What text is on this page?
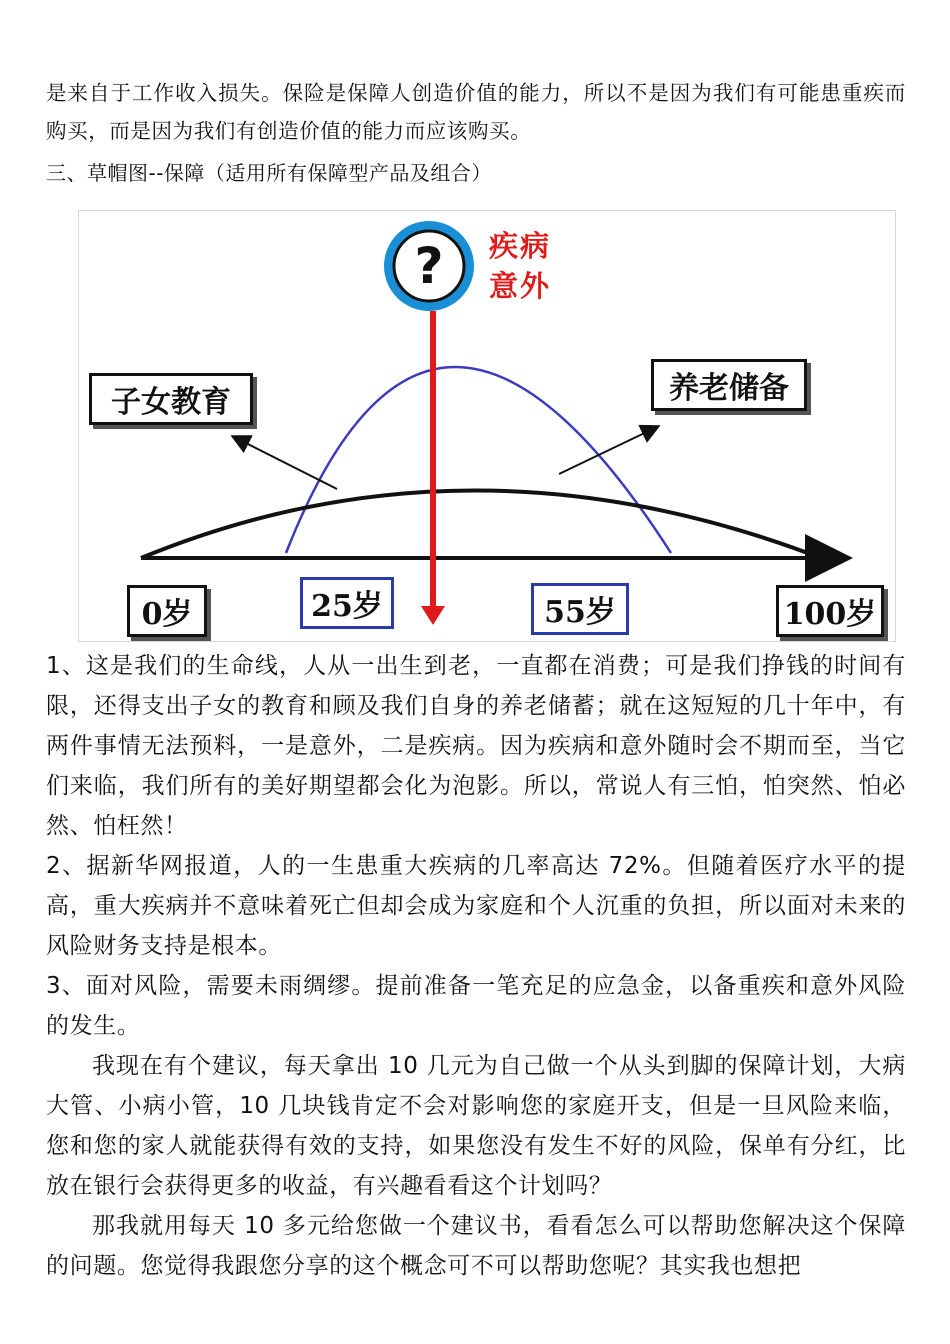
是来自于工作收入损失。保险是保障人创造价值的能力，所以不是因为我们有可能患重疾而购买，而是因为我们有创造价值的能力而应该购买。

三、草帽图--保障（适用所有保障型产品及组合）

? 疾病
意外
子女教育	养老储备
0岁	25岁	55岁	100岁

1、这是我们的生命线，人从一出生到老，一直都在消费；可是我们挣钱的时间有限，还得支出子女的教育和顾及我们自身的养老储蓄；就在这短短的几十年中，有两件事情无法预料，一是意外，二是疾病。因为疾病和意外随时会不期而至，当它们来临，我们所有的美好期望都会化为泡影。所以，常说人有三怕，怕突然、怕必然、怕枉然！

2、据新华网报道，人的一生患重大疾病的几率高达 72%。但随着医疗水平的提高，重大疾病并不意味着死亡但却会成为家庭和个人沉重的负担，所以面对未来的风险财务支持是根本。

3、面对风险，需要未雨绸缪。提前准备一笔充足的应急金，以备重疾和意外风险的发生。

我现在有个建议，每天拿出 10 几元为自己做一个从头到脚的保障计划，大病大管、小病小管，10 几块钱肯定不会对影响您的家庭开支，但是一旦风险来临，您和您的家人就能获得有效的支持，如果您没有发生不好的风险，保单有分红，比放在银行会获得更多的收益，有兴趣看看这个计划吗？

那我就用每天 10 多元给您做一个建议书，看看怎么可以帮助您解决这个保障的问题。您觉得我跟您分享的这个概念可不可以帮助您呢？其实我也想把
